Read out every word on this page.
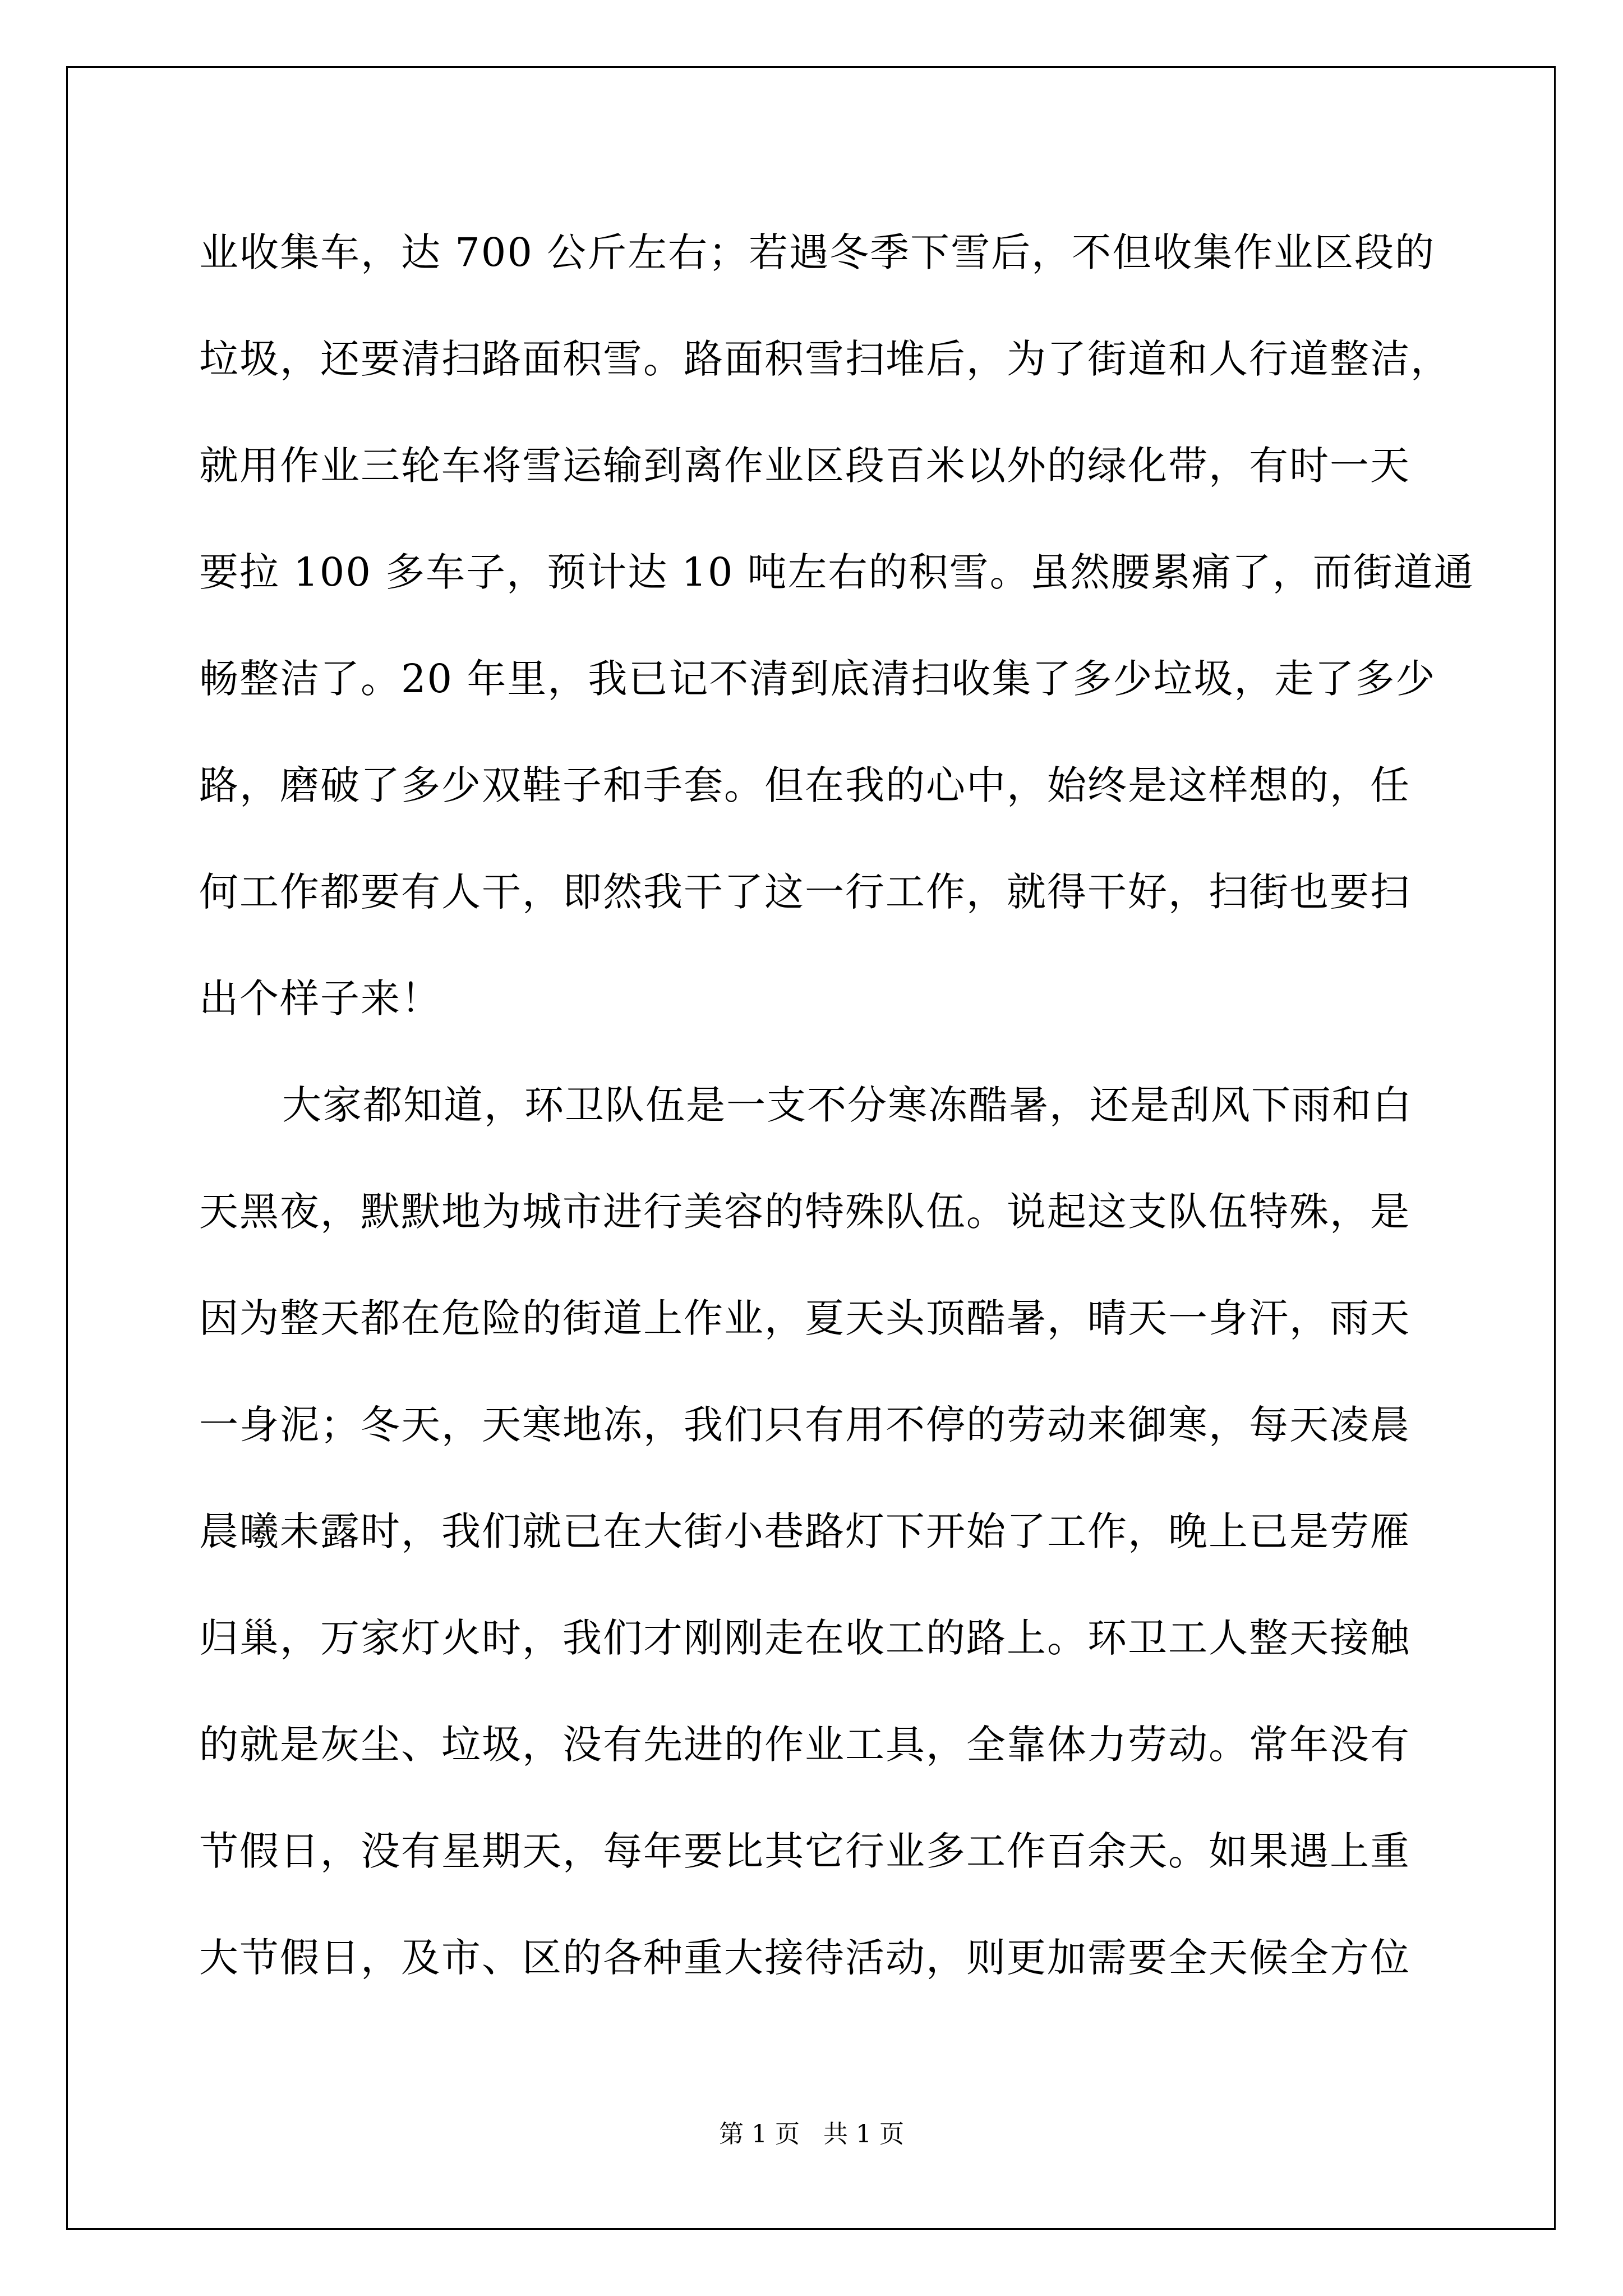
业收集车，达 700 公斤左右；若遇冬季下雪后，不但收集作业区段的
垃圾，还要清扫路面积雪。路面积雪扫堆后，为了街道和人行道整洁，
就用作业三轮车将雪运输到离作业区段百米以外的绿化带，有时一天
要拉 100 多车子，预计达 10 吨左右的积雪。虽然腰累痛了，而街道通
畅整洁了。20 年里，我已记不清到底清扫收集了多少垃圾，走了多少
路，磨破了多少双鞋子和手套。但在我的心中，始终是这样想的，任
何工作都要有人干，即然我干了这一行工作，就得干好，扫街也要扫
出个样子来！
大家都知道，环卫队伍是一支不分寒冻酷暑，还是刮风下雨和白
天黑夜，默默地为城市进行美容的特殊队伍。说起这支队伍特殊，是
因为整天都在危险的街道上作业，夏天头顶酷暑，晴天一身汗，雨天
一身泥；冬天，天寒地冻，我们只有用不停的劳动来御寒，每天凌晨
晨曦未露时，我们就已在大街小巷路灯下开始了工作，晚上已是劳雁
归巢，万家灯火时，我们才刚刚走在收工的路上。环卫工人整天接触
的就是灰尘、垃圾，没有先进的作业工具，全靠体力劳动。常年没有
节假日，没有星期天，每年要比其它行业多工作百余天。如果遇上重
大节假日，及市、区的各种重大接待活动，则更加需要全天候全方位
第 1 页   共 1 页
